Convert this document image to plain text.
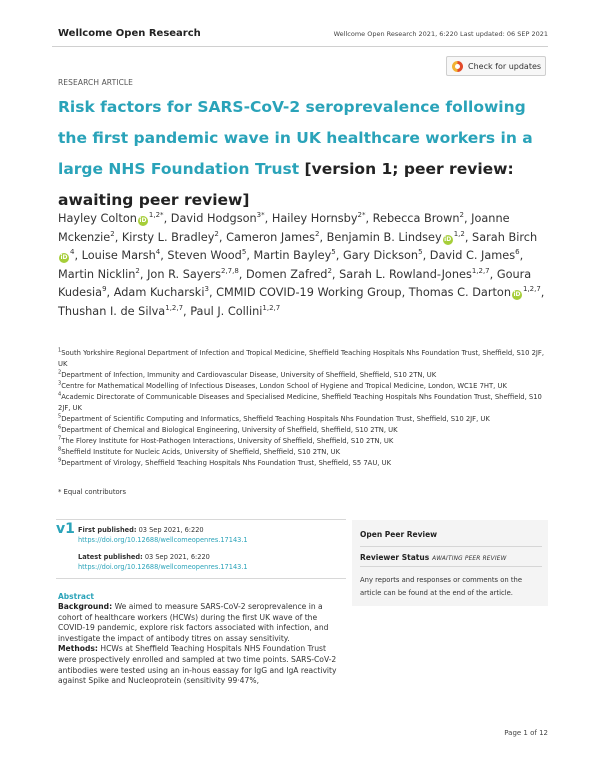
Wellcome Open Research	Wellcome Open Research 2021, 6:220 Last updated: 06 SEP 2021
RESEARCH ARTICLE
Check for updates
Risk factors for SARS-CoV-2 seroprevalence following the first pandemic wave in UK healthcare workers in a large NHS Foundation Trust [version 1; peer review: awaiting peer review]
Hayley Colton $iD^{1,2*}$, David Hodgson$^{3*}$, Hailey Hornsby$^{2*}$, Rebecca Brown$^2$, Joanne Mckenzie$^2$, Kirsty L. Bradley$^2$, Cameron James$^2$, Benjamin B. Lindsey iD$^{1,2}$, Sarah BirchiD$^4$, Louise Marsh$^4$, Steven Wood$^5$, Martin Bayley$^5$, Gary Dickson$^5$, David C. James$^6$, Martin Nicklin$^2$, Jon R. Sayers$^{2,7,8}$, Domen Zafred$^2$, Sarah L. Rowland-Jones$^{1,2,7}$, Goura Kudesia$^9$, Adam Kucharski$^3$, CMMID COVID-19 Working Group, Thomas C. Darton iD$^{1,2,7}$, Thushan I. de Silva$^{1,2,7}$, Paul J. Collini$^{1,2,7}$
$^1$South Yorkshire Regional Department of Infection and Tropical Medicine, Sheffield Teaching Hospitals Nhs Foundation Trust, Sheffield, S10 2JF, UK
$^2$Department of Infection, Immunity and Cardiovascular Disease, University of Sheffield, Sheffield, S10 2TN, UK
$^3$Centre for Mathematical Modelling of Infectious Diseases, London School of Hygiene and Tropical Medicine, London, WC1E 7HT, UK
$^4$Academic Directorate of Communicable Diseases and Specialised Medicine, Sheffield Teaching Hospitals Nhs Foundation Trust, Sheffield, S10 2JF, UK
$^5$Department of Scientific Computing and Informatics, Sheffield Teaching Hospitals Nhs Foundation Trust, Sheffield, S10 2JF, UK
$^6$Department of Chemical and Biological Engineering, University of Sheffield, Sheffield, S10 2TN, UK
$^7$The Florey Institute for Host-Pathogen Interactions, University of Sheffield, Sheffield, S10 2TN, UK
$^8$Sheffield Institute for Nucleic Acids, University of Sheffield, Sheffield, S10 2TN, UK
$^9$Department of Virology, Sheffield Teaching Hospitals Nhs Foundation Trust, Sheffield, S5 7AU, UK
* Equal contributors
v1 First published: 03 Sep 2021, 6:220
https://doi.org/10.12688/wellcomeopenres.17143.1
Latest published: 03 Sep 2021, 6:220
https://doi.org/10.12688/wellcomeopenres.17143.1
Abstract
Background: We aimed to measure SARS-CoV-2 seroprevalence in a cohort of healthcare workers (HCWs) during the first UK wave of the COVID-19 pandemic, explore risk factors associated with infection, and investigate the impact of antibody titres on assay sensitivity.
Methods: HCWs at Sheffield Teaching Hospitals NHS Foundation Trust were prospectively enrolled and sampled at two time points. SARS-CoV-2 antibodies were tested using an in-hous eassay for IgG and IgA reactivity against Spike and Nucleoprotein (sensitivity 99·47%,
Open Peer Review
Reviewer Status AWAITING PEER REVIEW
Any reports and responses or comments on the article can be found at the end of the article.
Page 1 of 12
